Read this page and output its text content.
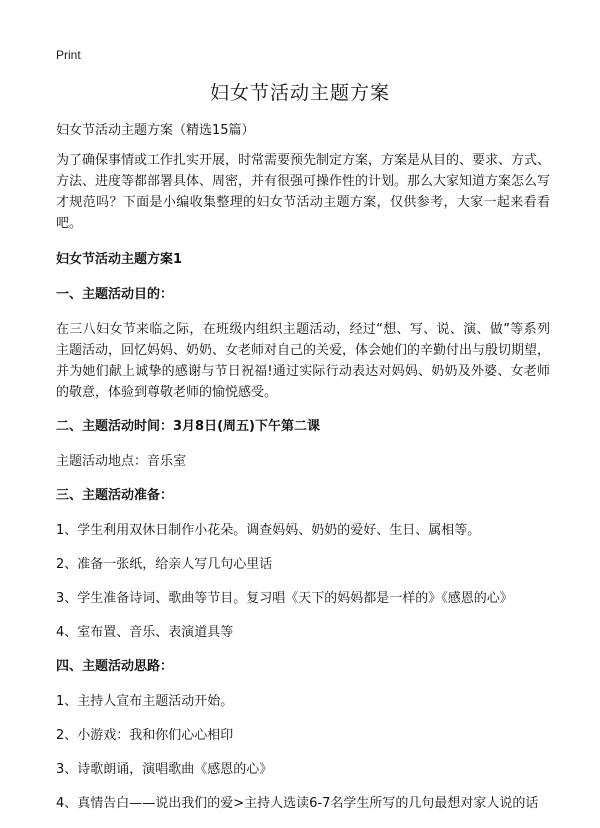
Print
妇女节活动主题方案

妇女节活动主题方案（精选15篇）

为了确保事情或工作扎实开展，时常需要预先制定方案，方案是从目的、要求、方式、方法、进度等都部署具体、周密，并有很强可操作性的计划。那么大家知道方案怎么写才规范吗？下面是小编收集整理的妇女节活动主题方案，仅供参考，大家一起来看看吧。

妇女节活动主题方案1

一、主题活动目的：

在三八妇女节来临之际，在班级内组织主题活动，经过“想、写、说、演、做”等系列主题活动，回忆妈妈、奶奶、女老师对自己的关爱，体会她们的辛勤付出与殷切期望，并为她们献上诚挚的感谢与节日祝福!通过实际行动表达对妈妈、奶奶及外婆、女老师的敬意，体验到尊敬老师的愉悦感受。

二、主题活动时间：3月8日(周五)下午第二课

主题活动地点：音乐室

三、主题活动准备：

1、学生利用双休日制作小花朵。调查妈妈、奶奶的爱好、生日、属相等。

2、准备一张纸，给亲人写几句心里话

3、学生准备诗词、歌曲等节目。复习唱《天下的妈妈都是一样的》《感恩的心》

4、室布置、音乐、表演道具等

四、主题活动思路：

1、主持人宣布主题活动开始。

2、小游戏：我和你们心心相印

3、诗歌朗诵，演唱歌曲《感恩的心》

4、真情告白——说出我们的爱>主持人选读6-7名学生所写的几句最想对家人说的话
